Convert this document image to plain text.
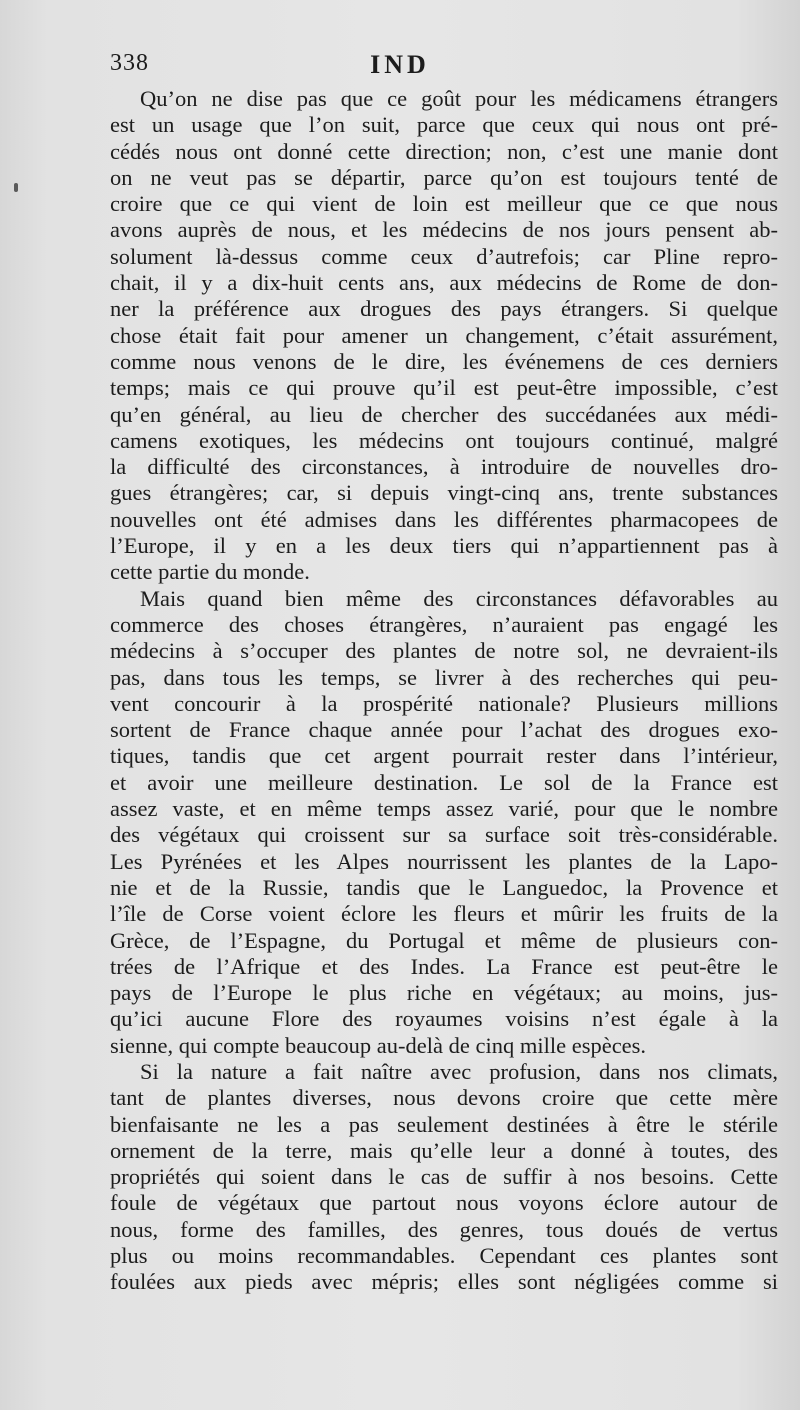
338	IND
Qu’on ne dise pas que ce goût pour les médicamens étrangers
est un usage que l’on suit, parce que ceux qui nous ont pré-
cédés nous ont donné cette direction; non, c’est une manie dont
on ne veut pas se départir, parce qu’on est toujours tenté de
croire que ce qui vient de loin est meilleur que ce que nous
avons auprès de nous, et les médecins de nos jours pensent ab-
solument là-dessus comme ceux d’autrefois; car Pline repro-
chait, il y a dix-huit cents ans, aux médecins de Rome de don-
ner la préférence aux drogues des pays étrangers. Si quelque
chose était fait pour amener un changement, c’était assurément,
comme nous venons de le dire, les événemens de ces derniers
temps; mais ce qui prouve qu’il est peut-être impossible, c’est
qu’en général, au lieu de chercher des succédanées aux médi-
camens exotiques, les médecins ont toujours continué, malgré
la difficulté des circonstances, à introduire de nouvelles dro-
gues étrangères; car, si depuis vingt-cinq ans, trente substances
nouvelles ont été admises dans les différentes pharmacopees de
l’Europe, il y en a les deux tiers qui n’appartiennent pas à
cette partie du monde.
Mais quand bien même des circonstances défavorables au
commerce des choses étrangères, n’auraient pas engagé les
médecins à s’occuper des plantes de notre sol, ne devraient-ils
pas, dans tous les temps, se livrer à des recherches qui peu-
vent concourir à la prospérité nationale? Plusieurs millions
sortent de France chaque année pour l’achat des drogues exo-
tiques, tandis que cet argent pourrait rester dans l’intérieur,
et avoir une meilleure destination. Le sol de la France est
assez vaste, et en même temps assez varié, pour que le nombre
des végétaux qui croissent sur sa surface soit très-considérable.
Les Pyrénées et les Alpes nourrissent les plantes de la Lapo-
nie et de la Russie, tandis que le Languedoc, la Provence et
l’île de Corse voient éclore les fleurs et mûrir les fruits de la
Grèce, de l’Espagne, du Portugal et même de plusieurs con-
trées de l’Afrique et des Indes. La France est peut-être le
pays de l’Europe le plus riche en végétaux; au moins, jus-
qu’ici aucune Flore des royaumes voisins n’est égale à la
sienne, qui compte beaucoup au-delà de cinq mille espèces.
Si la nature a fait naître avec profusion, dans nos climats,
tant de plantes diverses, nous devons croire que cette mère
bienfaisante ne les a pas seulement destinées à être le stérile
ornement de la terre, mais qu’elle leur a donné à toutes, des
propriétés qui soient dans le cas de suffir à nos besoins. Cette
foule de végétaux que partout nous voyons éclore autour de
nous, forme des familles, des genres, tous doués de vertus
plus ou moins recommandables. Cependant ces plantes sont
foulées aux pieds avec mépris; elles sont négligées comme si
